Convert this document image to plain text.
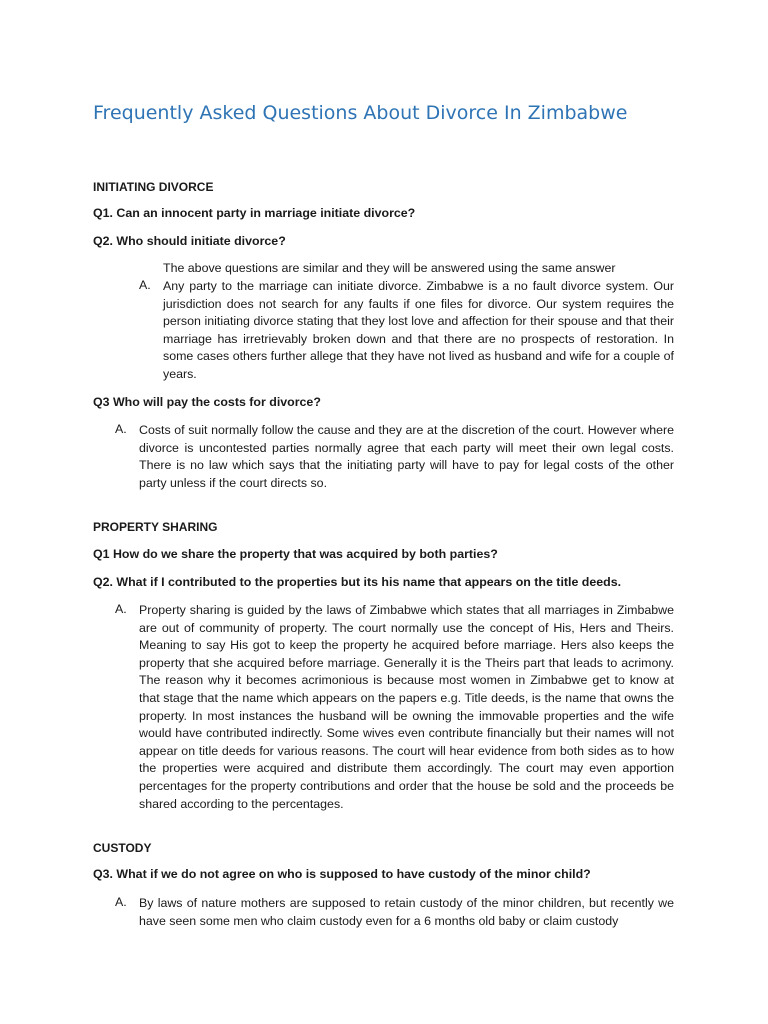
Frequently Asked Questions About Divorce In Zimbabwe
INITIATING DIVORCE
Q1. Can an innocent party in marriage initiate divorce?
Q2. Who should initiate divorce?
The above questions are similar and they will be answered using the same answer
A. Any party to the marriage can initiate divorce. Zimbabwe is a no fault divorce system. Our jurisdiction does not search for any faults if one files for divorce. Our system requires the person initiating divorce stating that they lost love and affection for their spouse and that their marriage has irretrievably broken down and that there are no prospects of restoration. In some cases others further allege that they have not lived as husband and wife for a couple of years.
Q3 Who will pay the costs for divorce?
A. Costs of suit normally follow the cause and they are at the discretion of the court. However where divorce is uncontested parties normally agree that each party will meet their own legal costs. There is no law which says that the initiating party will have to pay for legal costs of the other party unless if the court directs so.
PROPERTY SHARING
Q1 How do we share the property that was acquired by both parties?
Q2. What if I contributed to the properties but its his name that appears on the title deeds.
A. Property sharing is guided by the laws of Zimbabwe which states that all marriages in Zimbabwe are out of community of property. The court normally use the concept of His, Hers and Theirs. Meaning to say His got to keep the property he acquired before marriage. Hers also keeps the property that she acquired before marriage. Generally it is the Theirs part that leads to acrimony. The reason why it becomes acrimonious is because most women in Zimbabwe get to know at that stage that the name which appears on the papers e.g. Title deeds, is the name that owns the property. In most instances the husband will be owning the immovable properties and the wife would have contributed indirectly. Some wives even contribute financially but their names will not appear on title deeds for various reasons. The court will hear evidence from both sides as to how the properties were acquired and distribute them accordingly. The court may even apportion percentages for the property contributions and order that the house be sold and the proceeds be shared according to the percentages.
CUSTODY
Q3. What if we do not agree on who is supposed to have custody of the minor child?
A. By laws of nature mothers are supposed to retain custody of the minor children, but recently we have seen some men who claim custody even for a 6 months old baby or claim custody
